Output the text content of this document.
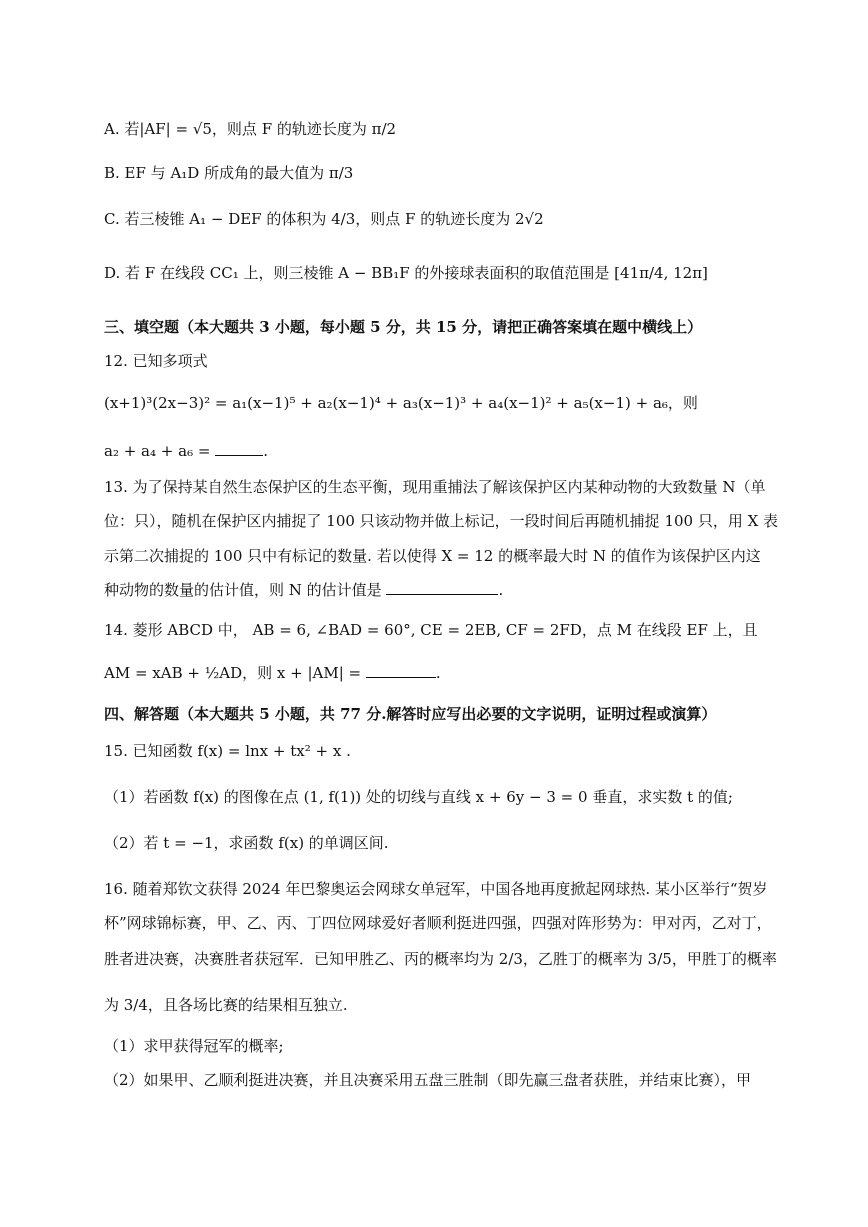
A. 若|AF| = √5，则点 F 的轨迹长度为 π/2
B. EF 与 A₁D 所成角的最大值为 π/3
C. 若三棱锥 A₁ − DEF 的体积为 4/3，则点 F 的轨迹长度为 2√2
D. 若 F 在线段 CC₁ 上，则三棱锥 A − BB₁F 的外接球表面积的取值范围是 [41π/4, 12π]
三、填空题（本大题共 3 小题，每小题 5 分，共 15 分，请把正确答案填在题中横线上）
12. 已知多项式
(x+1)³(2x−3)² = a₁(x−1)⁵ + a₂(x−1)⁴ + a₃(x−1)³ + a₄(x−1)² + a₅(x−1) + a₆，则
a₂ + a₄ + a₆ =	.
13. 为了保持某自然生态保护区的生态平衡，现用重捕法了解该保护区内某种动物的大致数量 N（单
位：只），随机在保护区内捕捉了 100 只该动物并做上标记，一段时间后再随机捕捉 100 只，用 X 表
示第二次捕捉的 100 只中有标记的数量. 若以使得 X = 12 的概率最大时 N 的值作为该保护区内这
种动物的数量的估计值，则 N 的估计值是	.
14. 菱形 ABCD 中， AB = 6, ∠BAD = 60°, CE = 2EB, CF = 2FD，点 M 在线段 EF 上，且
AM = xAB + ½AD，则 x + |AM| =	.
四、解答题（本大题共 5 小题，共 77 分.解答时应写出必要的文字说明，证明过程或演算）
15. 已知函数 f(x) = lnx + tx² + x .
（1）若函数 f(x) 的图像在点 (1, f(1)) 处的切线与直线 x + 6y − 3 = 0 垂直，求实数 t 的值;
（2）若 t = −1，求函数 f(x) 的单调区间.
16. 随着郑钦文获得 2024 年巴黎奥运会网球女单冠军，中国各地再度掀起网球热. 某小区举行“贺岁
杯”网球锦标赛，甲、乙、丙、丁四位网球爱好者顺利挺进四强，四强对阵形势为：甲对丙，乙对丁，
胜者进决赛，决赛胜者获冠军．已知甲胜乙、丙的概率均为 2/3，乙胜丁的概率为 3/5，甲胜丁的概率
为 3/4，且各场比赛的结果相互独立.
（1）求甲获得冠军的概率;
（2）如果甲、乙顺利挺进决赛，并且决赛采用五盘三胜制（即先赢三盘者获胜，并结束比赛），甲
